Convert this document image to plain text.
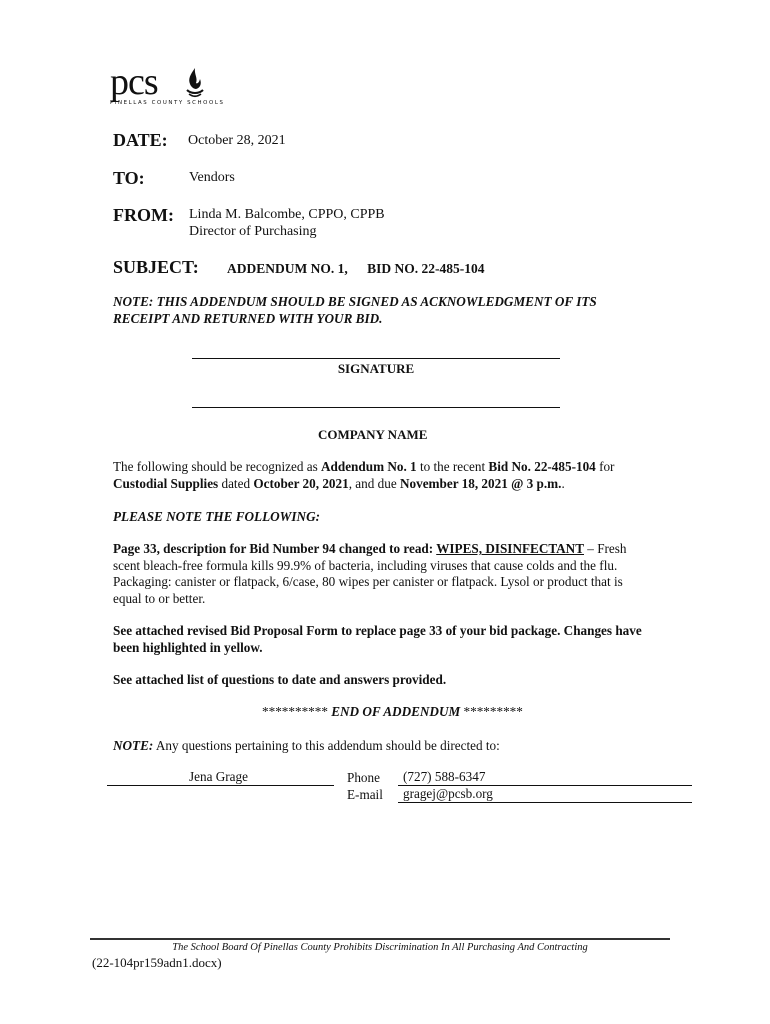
pcs
PINELLAS COUNTY SCHOOLS
DATE: October 28, 2021
TO:	Vendors
FROM: Linda M. Balcombe, CPPO, CPPB
Director of Purchasing
SUBJECT: ADDENDUM NO. 1, BID NO. 22-485-104
NOTE: THIS ADDENDUM SHOULD BE SIGNED AS ACKNOWLEDGMENT OF ITS
RECEIPT AND RETURNED WITH YOUR BID.
SIGNATURE
COMPANY NAME
The following should be recognized as Addendum No. 1 to the recent Bid No. 22-485-104 for
Custodial Supplies dated October 20, 2021, and due November 18, 2021 @ 3 p.m..
PLEASE NOTE THE FOLLOWING:
Page 33, description for Bid Number 94 changed to read: WIPES, DISINFECTANT – Fresh
scent bleach-free formula kills 99.9% of bacteria, including viruses that cause colds and the flu.
Packaging: canister or flatpack, 6/case, 80 wipes per canister or flatpack. Lysol or product that is
equal to or better.
See attached revised Bid Proposal Form to replace page 33 of your bid package. Changes have
been highlighted in yellow.
See attached list of questions to date and answers provided.
********** END OF ADDENDUM *********
NOTE: Any questions pertaining to this addendum should be directed to:
Jena Grage	Phone (727) 588-6347
E-mail gragej@pcsb.org
The School Board Of Pinellas County Prohibits Discrimination In All Purchasing And Contracting
(22-104pr159adn1.docx)
